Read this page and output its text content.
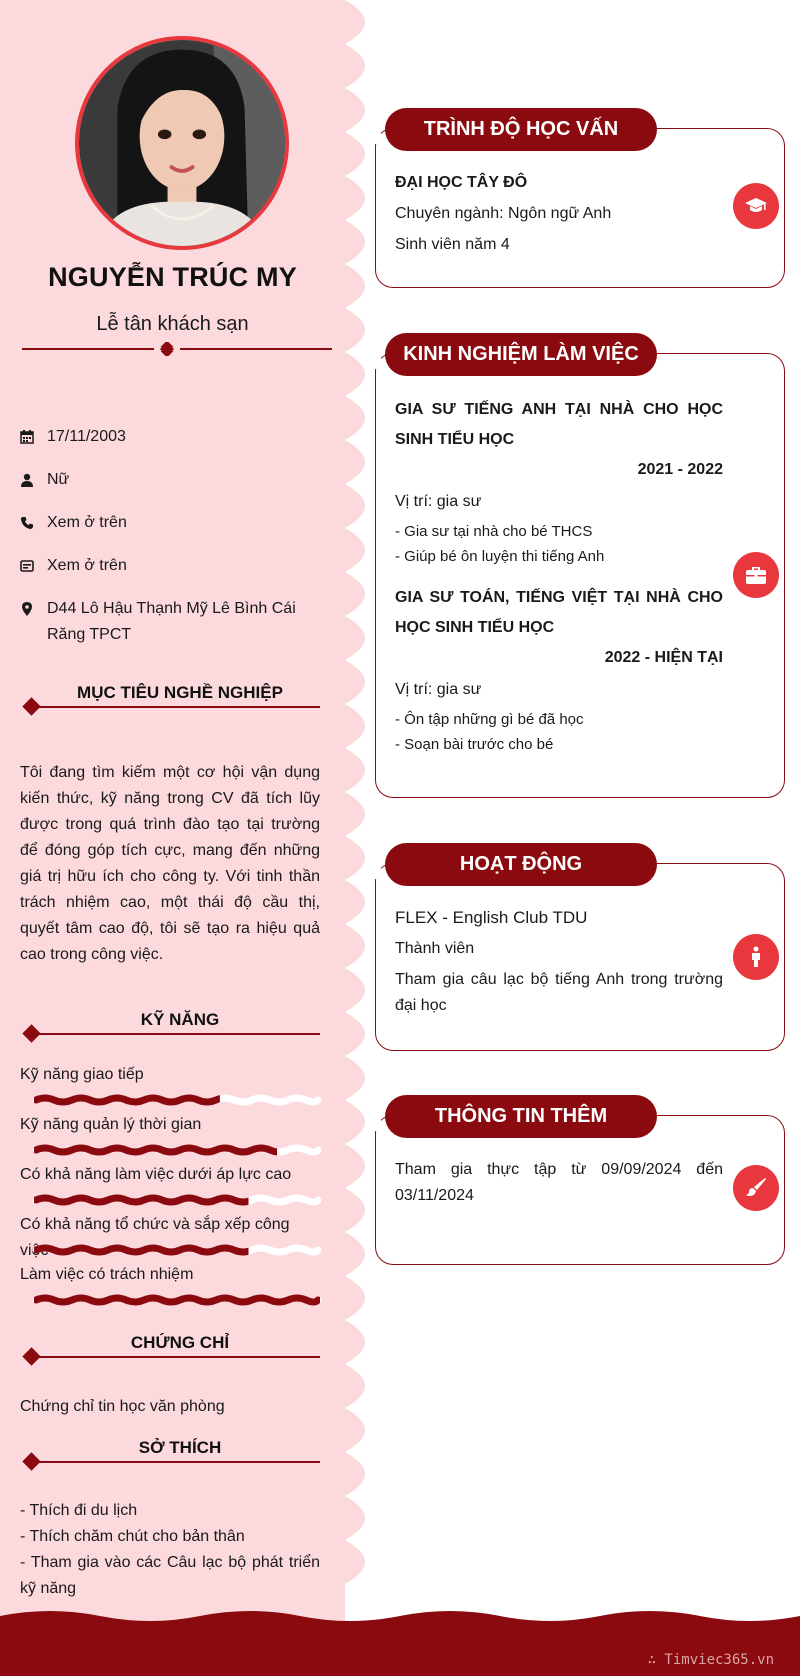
NGUYỄN TRÚC MY
Lễ tân khách sạn
17/11/2003
Nữ
Xem ở trên
Xem ở trên
D44 Lô Hậu Thạnh Mỹ Lê Bình Cái Răng TPCT
MỤC TIÊU NGHỀ NGHIỆP
Tôi đang tìm kiếm một cơ hội vận dụng kiến thức, kỹ năng trong CV đã tích lũy được trong quá trình đào tạo tại trường để đóng góp tích cực, mang đến những giá trị hữu ích cho công ty. Với tinh thần trách nhiệm cao, một thái độ cầu thị, quyết tâm cao độ, tôi sẽ tạo ra hiệu quả cao trong công việc.
KỸ NĂNG
Kỹ năng giao tiếp
Kỹ năng quản lý thời gian
Có khả năng làm việc dưới áp lực cao
Có khả năng tổ chức và sắp xếp công việc
Làm việc có trách nhiệm
CHỨNG CHỈ
Chứng chỉ tin học văn phòng
SỞ THÍCH
- Thích đi du lịch
- Thích chăm chút cho bản thân
- Tham gia vào các Câu lạc bộ phát triển kỹ năng
TRÌNH ĐỘ HỌC VẤN
ĐẠI HỌC TÂY ĐÔ
Chuyên ngành: Ngôn ngữ Anh
Sinh viên năm 4
KINH NGHIỆM LÀM VIỆC
GIA SƯ TIẾNG ANH TẠI NHÀ CHO HỌC SINH TIỂU HỌC
2021 - 2022
Vị trí: gia sư
- Gia sư tại nhà cho bé THCS
- Giúp bé ôn luyện thi tiếng Anh
GIA SƯ TOÁN, TIẾNG VIỆT TẠI NHÀ CHO HỌC SINH TIỂU HỌC
2022 - HIỆN TẠI
Vị trí: gia sư
- Ôn tập những gì bé đã học
- Soạn bài trước cho bé
HOẠT ĐỘNG
FLEX - English Club TDU
Thành viên
Tham gia câu lạc bộ tiếng Anh trong trường đại học
THÔNG TIN THÊM
Tham gia thực tập từ 09/09/2024 đến 03/11/2024
∴ Timviec365.vn
